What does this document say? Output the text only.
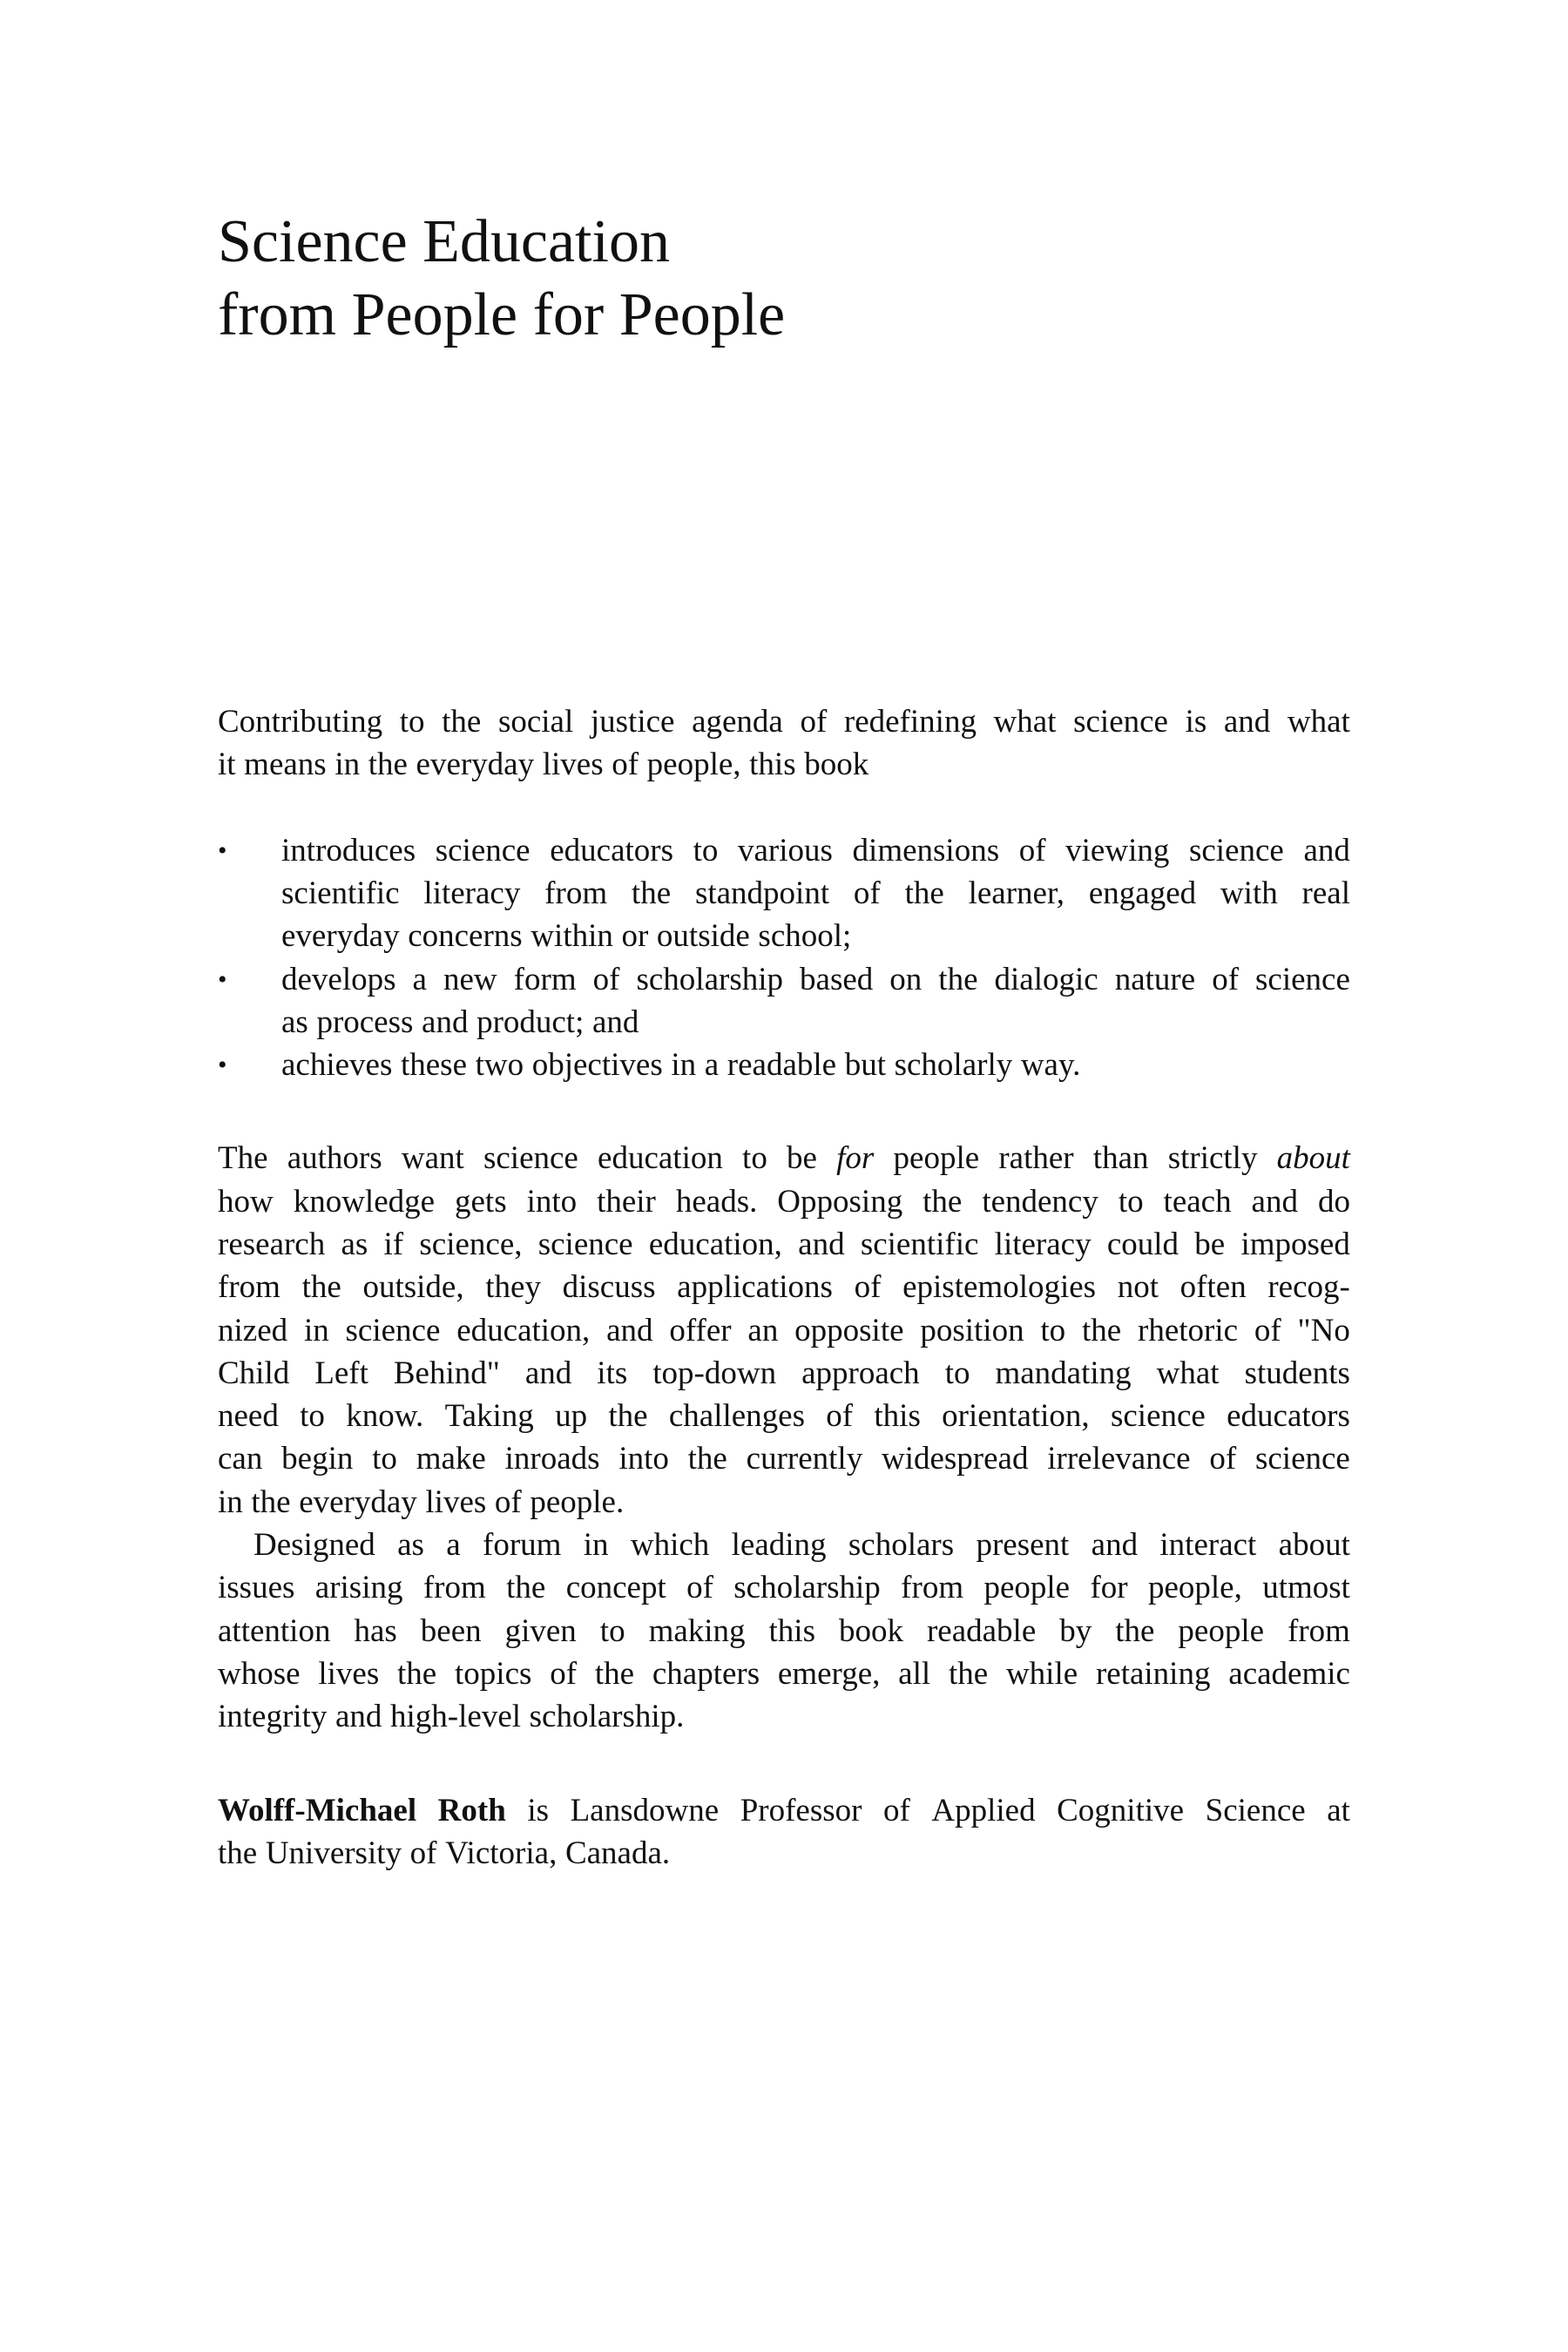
Science Education
from People for People
Contributing to the social justice agenda of redefining what science is and what
it means in the everyday lives of people, this book
• introduces science educators to various dimensions of viewing science and
scientific literacy from the standpoint of the learner, engaged with real
everyday concerns within or outside school;
• develops a new form of scholarship based on the dialogic nature of science
as process and product; and
• achieves these two objectives in a readable but scholarly way.
The authors want science education to be for people rather than strictly about
how knowledge gets into their heads. Opposing the tendency to teach and do
research as if science, science education, and scientific literacy could be imposed
from the outside, they discuss applications of epistemologies not often recog-
nized in science education, and offer an opposite position to the rhetoric of "No
Child Left Behind" and its top-down approach to mandating what students
need to know. Taking up the challenges of this orientation, science educators
can begin to make inroads into the currently widespread irrelevance of science
in the everyday lives of people.
Designed as a forum in which leading scholars present and interact about
issues arising from the concept of scholarship from people for people, utmost
attention has been given to making this book readable by the people from
whose lives the topics of the chapters emerge, all the while retaining academic
integrity and high-level scholarship.
Wolff-Michael Roth is Lansdowne Professor of Applied Cognitive Science at
the University of Victoria, Canada.
